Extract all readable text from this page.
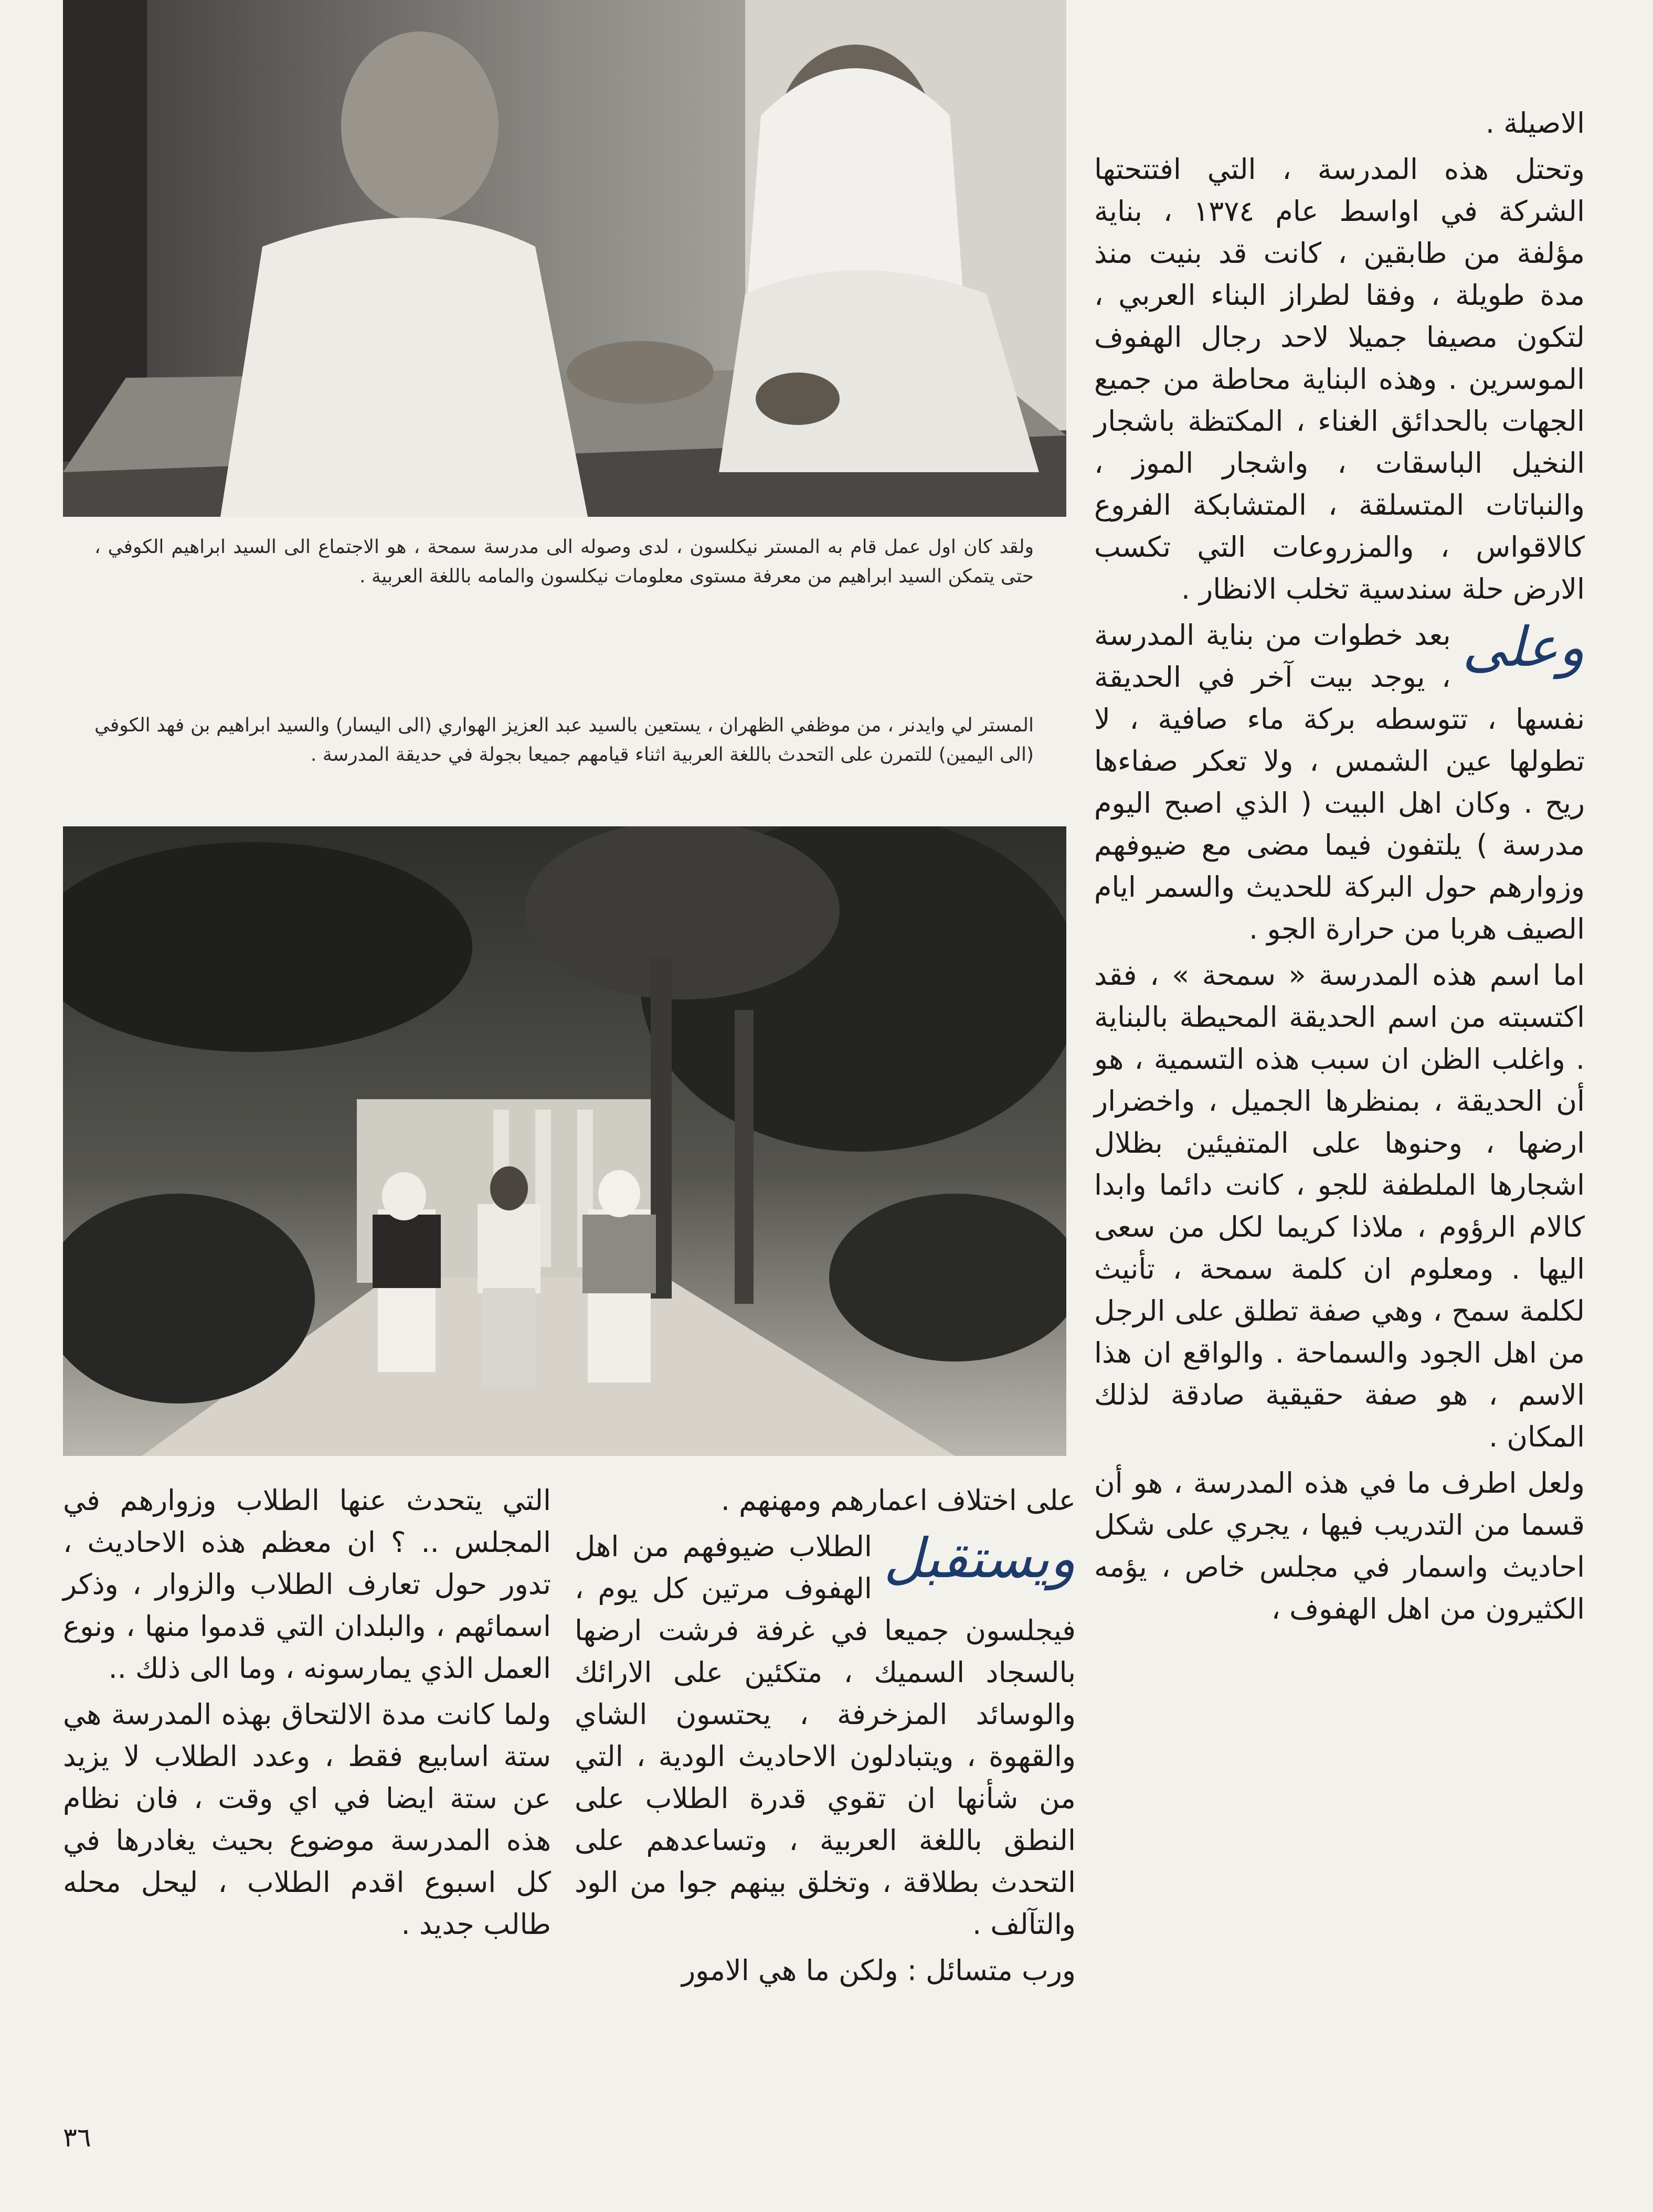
ولقد كان اول عمل قام به المستر نيكلسون ، لدى وصوله الى مدرسة سمحة ، هو الاجتماع الى السيد ابراهيم الكوفي ، حتى يتمكن السيد ابراهيم من معرفة مستوى معلومات نيكلسون والمامه باللغة العربية .
المستر لي وايدنر ، من موظفي الظهران ، يستعين بالسيد عبد العزيز الهواري (الى اليسار) والسيد ابراهيم بن فهد الكوفي (الى اليمين) للتمرن على التحدث باللغة العربية اثناء قيامهم جميعا بجولة في حديقة المدرسة .

الاصيلة .

وتحتل هذه المدرسة ، التي افتتحتها الشركة في اواسط عام ١٣٧٤ ، بناية مؤلفة من طابقين ، كانت قد بنيت منذ مدة طويلة ، وفقا لطراز البناء العربي ، لتكون مصيفا جميلا لاحد رجال الهفوف الموسرين . وهذه البناية محاطة من جميع الجهات بالحدائق الغناء ، المكتظة باشجار النخيل الباسقات ، واشجار الموز ، والنباتات المتسلقة ، المتشابكة الفروع كالاقواس ، والمزروعات التي تكسب الارض حلة سندسية تخلب الانظار .

وعلى
بعد خطوات من بناية المدرسة ، يوجد بيت آخر في الحديقة نفسها ، تتوسطه بركة ماء صافية ، لا تطولها عين الشمس ، ولا تعكر صفاءها ريح . وكان اهل البيت ( الذي اصبح اليوم مدرسة ) يلتفون فيما مضى مع ضيوفهم وزوارهم حول البركة للحديث والسمر ايام الصيف هربا من حرارة الجو .

اما اسم هذه المدرسة « سمحة » ، فقد اكتسبته من اسم الحديقة المحيطة بالبناية . واغلب الظن ان سبب هذه التسمية ، هو أن الحديقة ، بمنظرها الجميل ، واخضرار ارضها ، وحنوها على المتفيئين بظلال اشجارها الملطفة للجو ، كانت دائما وابدا كالام الرؤوم ، ملاذا كريما لكل من سعى اليها . ومعلوم ان كلمة سمحة ، تأنيث لكلمة سمح ، وهي صفة تطلق على الرجل من اهل الجود والسماحة . والواقع ان هذا الاسم ، هو صفة حقيقية صادقة لذلك المكان .

ولعل اطرف ما في هذه المدرسة ، هو أن قسما من التدريب فيها ، يجري على شكل احاديث واسمار في مجلس خاص ، يؤمه الكثيرون من اهل الهفوف ،

على اختلاف اعمارهم ومهنهم .

ويستقبل
الطلاب ضيوفهم من اهل الهفوف مرتين كل يوم ، فيجلسون جميعا في غرفة فرشت ارضها بالسجاد السميك ، متكئين على الارائك والوسائد المزخرفة ، يحتسون الشاي والقهوة ، ويتبادلون الاحاديث الودية ، التي من شأنها ان تقوي قدرة الطلاب على النطق باللغة العربية ، وتساعدهم على التحدث بطلاقة ، وتخلق بينهم جوا من الود والتآلف .

ورب متسائل : ولكن ما هي الامور

التي يتحدث عنها الطلاب وزوارهم في المجلس .. ؟ ان معظم هذه الاحاديث ، تدور حول تعارف الطلاب والزوار ، وذكر اسمائهم ، والبلدان التي قدموا منها ، ونوع العمل الذي يمارسونه ، وما الى ذلك ..

ولما كانت مدة الالتحاق بهذه المدرسة هي ستة اسابيع فقط ، وعدد الطلاب لا يزيد عن ستة ايضا في اي وقت ، فان نظام هذه المدرسة موضوع بحيث يغادرها في كل اسبوع اقدم الطلاب ، ليحل محله طالب جديد .

٣٦
